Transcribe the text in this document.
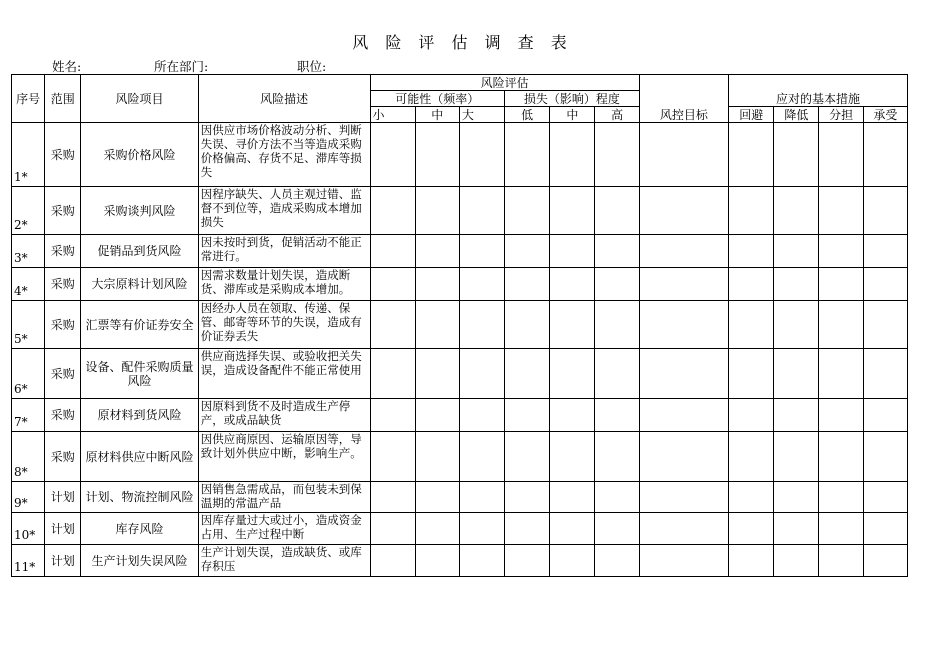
风 险 评 估 调 查 表
姓名:	所在部门:	职位:
序号	范围	风险项目	风险描述	风险评估						风控目标	应对的基本措施			
				可能性（频率）			损失（影响）程度							
				小	中	大	低	中	高		回避	降低	分担	承受
1*	采购	采购价格风险	因供应市场价格波动分析、判断失误、寻价方法不当等造成采购价格偏高、存货不足、滞库等损失											
2*	采购	采购谈判风险	因程序缺失、人员主观过错、监督不到位等，造成采购成本增加损失											
3*	采购	促销品到货风险	因未按时到货，促销活动不能正常进行。											
4*	采购	大宗原料计划风险	因需求数量计划失误，造成断货、滞库或是采购成本增加。											
5*	采购	汇票等有价证券安全	因经办人员在领取、传递、保管、邮寄等环节的失误，造成有价证券丢失											
6*	采购	设备、配件采购质量风险	供应商选择失误、或验收把关失误，造成设备配件不能正常使用											
7*	采购	原材料到货风险	因原料到货不及时造成生产停产，或成品缺货											
8*	采购	原材料供应中断风险	因供应商原因、运输原因等，导致计划外供应中断，影响生产。											
9*	计划	计划、物流控制风险	因销售急需成品，而包装未到保温期的常温产品											
10*	计划	库存风险	因库存量过大或过小，造成资金占用、生产过程中断											
11*	计划	生产计划失误风险	生产计划失误，造成缺货、或库存积压											
